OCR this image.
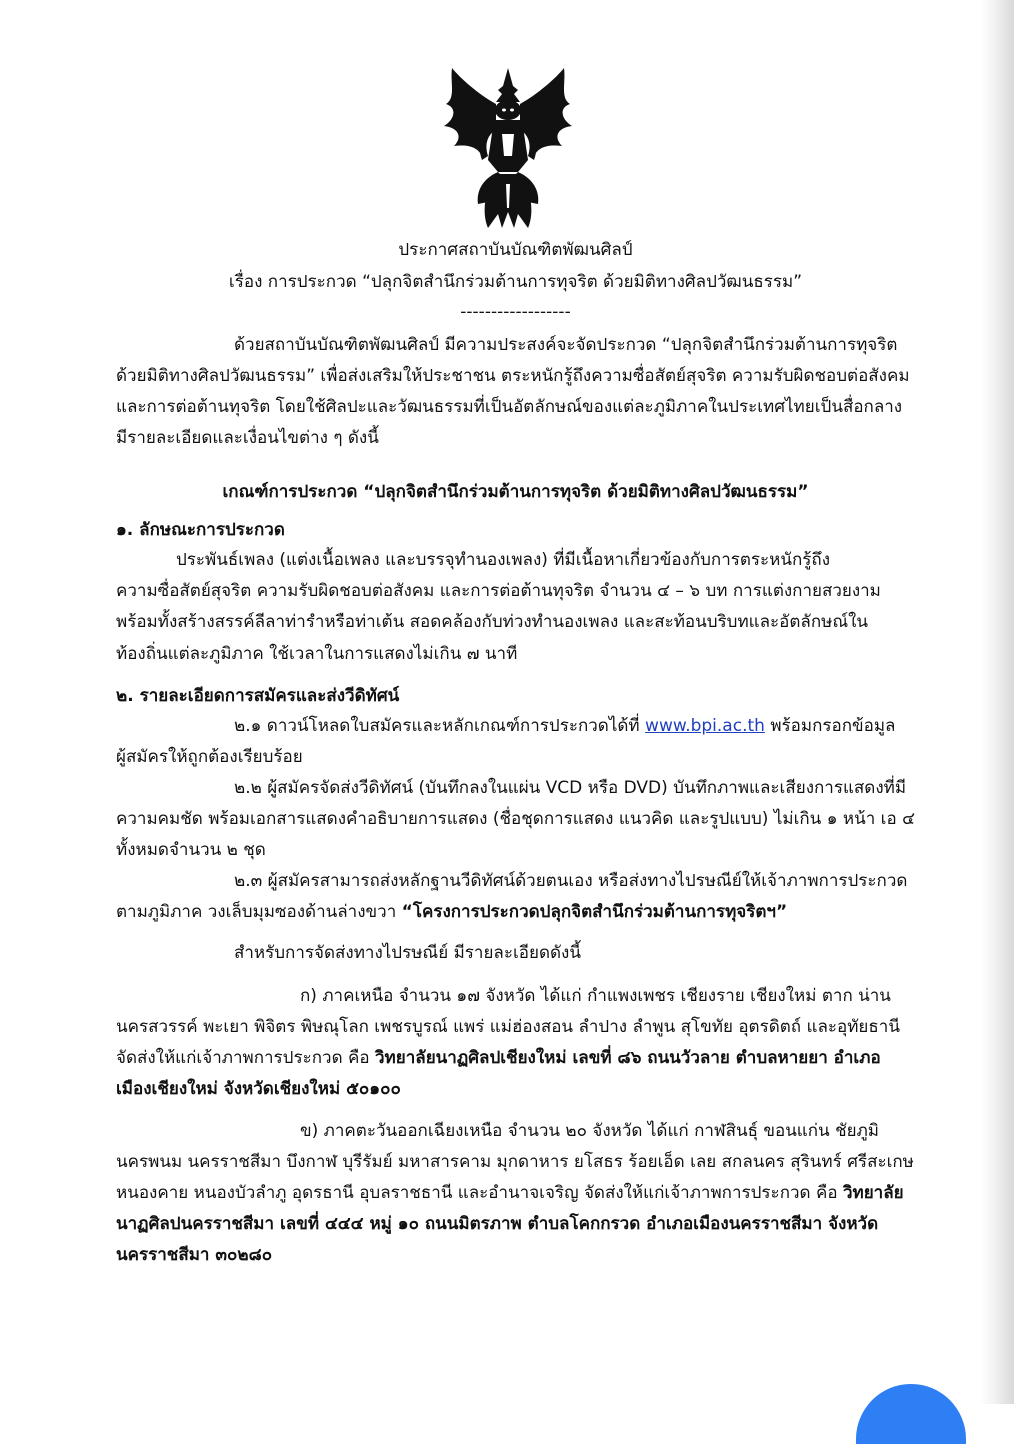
ประกาศสถาบันบัณฑิตพัฒนศิลป์
เรื่อง การประกวด “ปลุกจิตสำนึกร่วมต้านการทุจริต ด้วยมิติทางศิลปวัฒนธรรม”
------------------
ด้วยสถาบันบัณฑิตพัฒนศิลป์ มีความประสงค์จะจัดประกวด “ปลุกจิตสำนึกร่วมต้านการทุจริต
ด้วยมิติทางศิลปวัฒนธรรม” เพื่อส่งเสริมให้ประชาชน ตระหนักรู้ถึงความซื่อสัตย์สุจริต ความรับผิดชอบต่อสังคม
และการต่อต้านทุจริต โดยใช้ศิลปะและวัฒนธรรมที่เป็นอัตลักษณ์ของแต่ละภูมิภาคในประเทศไทยเป็นสื่อกลาง
มีรายละเอียดและเงื่อนไขต่าง ๆ ดังนี้
เกณฑ์การประกวด “ปลุกจิตสำนึกร่วมต้านการทุจริต ด้วยมิติทางศิลปวัฒนธรรม”
๑. ลักษณะการประกวด
ประพันธ์เพลง (แต่งเนื้อเพลง และบรรจุทำนองเพลง) ที่มีเนื้อหาเกี่ยวข้องกับการตระหนักรู้ถึง
ความซื่อสัตย์สุจริต ความรับผิดชอบต่อสังคม และการต่อต้านทุจริต จำนวน ๔ – ๖ บท การแต่งกายสวยงาม
พร้อมทั้งสร้างสรรค์ลีลาท่ารำหรือท่าเต้น สอดคล้องกับท่วงทำนองเพลง และสะท้อนบริบทและอัตลักษณ์ใน
ท้องถิ่นแต่ละภูมิภาค ใช้เวลาในการแสดงไม่เกิน ๗ นาที
๒. รายละเอียดการสมัครและส่งวีดิทัศน์
๒.๑ ดาวน์โหลดใบสมัครและหลักเกณฑ์การประกวดได้ที่ www.bpi.ac.th พร้อมกรอกข้อมูล
ผู้สมัครให้ถูกต้องเรียบร้อย
๒.๒ ผู้สมัครจัดส่งวีดิทัศน์ (บันทึกลงในแผ่น VCD หรือ DVD) บันทึกภาพและเสียงการแสดงที่มี
ความคมชัด พร้อมเอกสารแสดงคำอธิบายการแสดง (ชื่อชุดการแสดง แนวคิด และรูปแบบ) ไม่เกิน ๑ หน้า เอ ๔
ทั้งหมดจำนวน ๒ ชุด
๒.๓ ผู้สมัครสามารถส่งหลักฐานวีดิทัศน์ด้วยตนเอง หรือส่งทางไปรษณีย์ให้เจ้าภาพการประกวด
ตามภูมิภาค วงเล็บมุมซองด้านล่างขวา “โครงการประกวดปลุกจิตสำนึกร่วมต้านการทุจริตฯ”
สำหรับการจัดส่งทางไปรษณีย์ มีรายละเอียดดังนี้
ก) ภาคเหนือ จำนวน ๑๗ จังหวัด ได้แก่ กำแพงเพชร เชียงราย เชียงใหม่ ตาก น่าน
นครสวรรค์ พะเยา พิจิตร พิษณุโลก เพชรบูรณ์ แพร่ แม่ฮ่องสอน ลำปาง ลำพูน สุโขทัย อุตรดิตถ์ และอุทัยธานี
จัดส่งให้แก่เจ้าภาพการประกวด คือ วิทยาลัยนาฏศิลปเชียงใหม่ เลขที่ ๘๖ ถนนวัวลาย ตำบลหายยา อำเภอ
เมืองเชียงใหม่ จังหวัดเชียงใหม่ ๕๐๑๐๐
ข) ภาคตะวันออกเฉียงเหนือ จำนวน ๒๐ จังหวัด ได้แก่ กาฬสินธุ์ ขอนแก่น ชัยภูมิ
นครพนม นครราชสีมา บึงกาฬ บุรีรัมย์ มหาสารคาม มุกดาหาร ยโสธร ร้อยเอ็ด เลย สกลนคร สุรินทร์ ศรีสะเกษ
หนองคาย หนองบัวลำภู อุดรธานี อุบลราชธานี และอำนาจเจริญ จัดส่งให้แก่เจ้าภาพการประกวด คือ วิทยาลัย
นาฏศิลปนครราชสีมา เลขที่ ๔๔๔ หมู่ ๑๐ ถนนมิตรภาพ ตำบลโคกกรวด อำเภอเมืองนครราชสีมา จังหวัด
นครราชสีมา ๓๐๒๘๐
